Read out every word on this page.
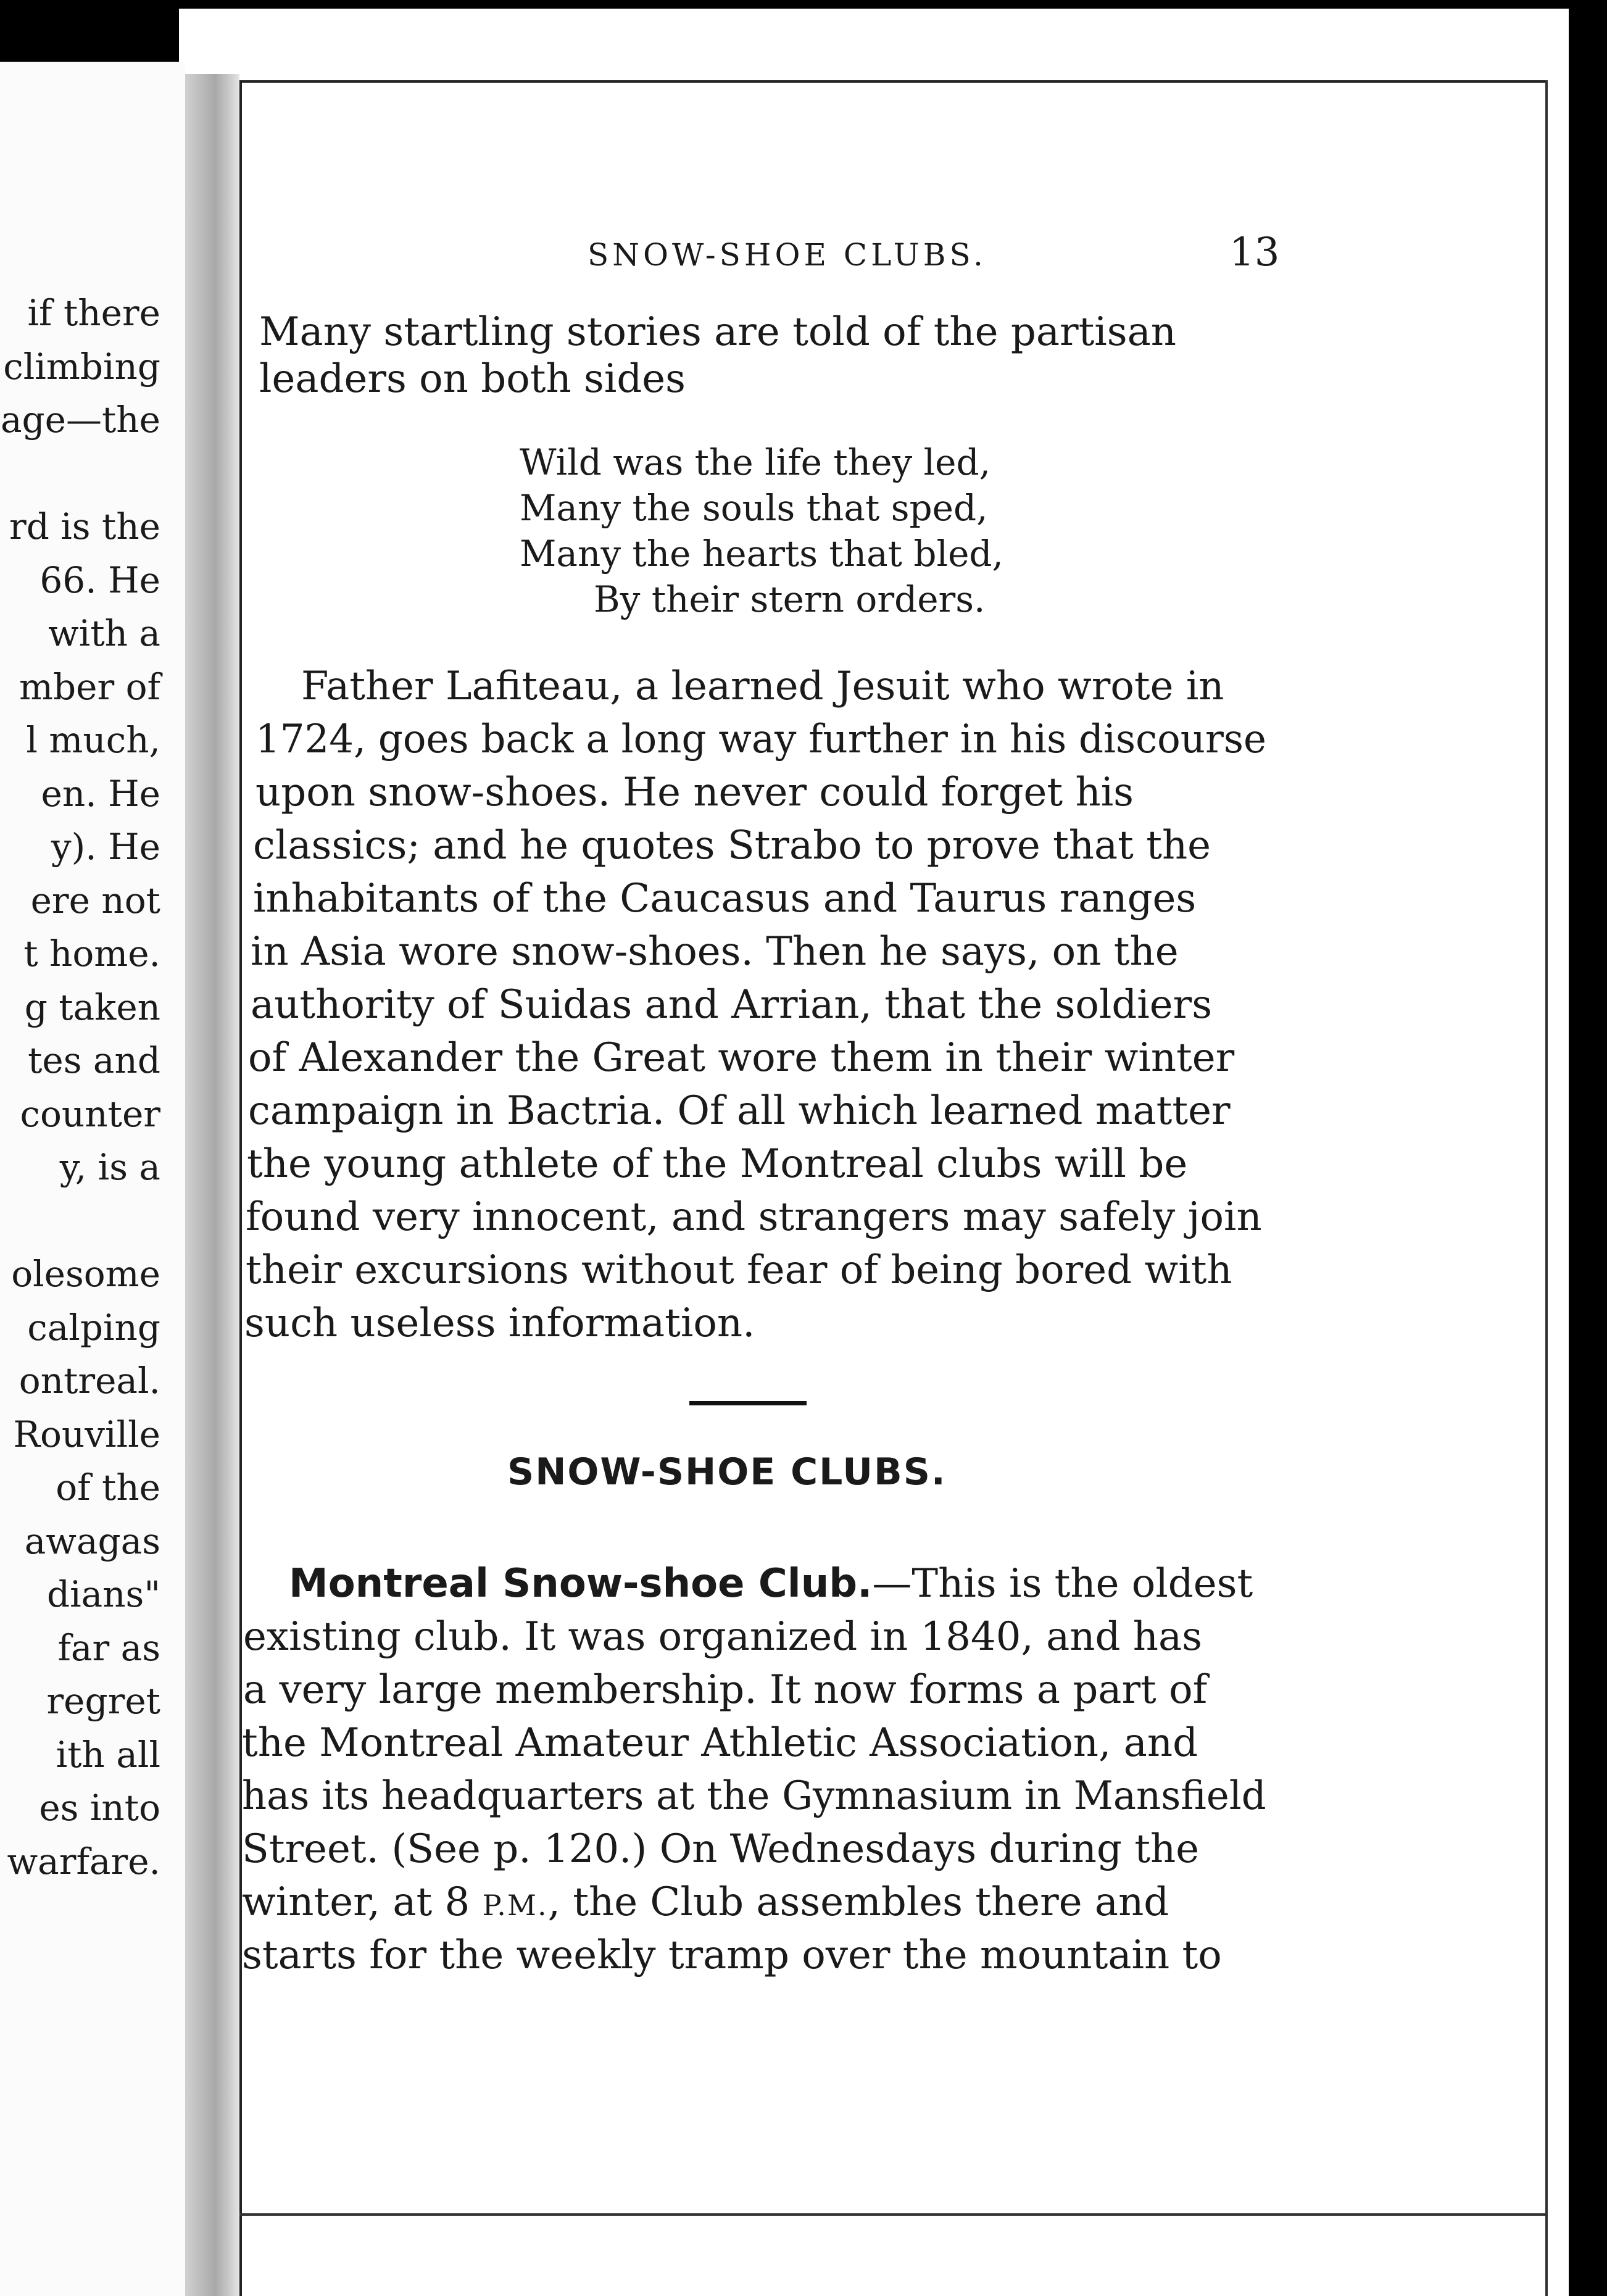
if there
climbing
age—the
rd is the
66. He
with a
mber of
l much,
en. He
y). He
ere not
t home.
g taken
tes and
counter
y, is a
olesome
calping
ontreal.
Rouville
of the
awagas
dians"
far as
regret
ith all
es into
warfare.
SNOW-SHOE CLUBS.	13
Many startling stories are told of the partisan
leaders on both sides
Wild was the life they led,
Many the souls that sped,
Many the hearts that bled,
By their stern orders.
Father Lafiteau, a learned Jesuit who wrote in
1724, goes back a long way further in his discourse
upon snow-shoes. He never could forget his
classics; and he quotes Strabo to prove that the
inhabitants of the Caucasus and Taurus ranges
in Asia wore snow-shoes. Then he says, on the
authority of Suidas and Arrian, that the soldiers
of Alexander the Great wore them in their winter
campaign in Bactria. Of all which learned matter
the young athlete of the Montreal clubs will be
found very innocent, and strangers may safely join
their excursions without fear of being bored with
such useless information.
SNOW-SHOE CLUBS.
Montreal Snow-shoe Club.—This is the oldest
existing club. It was organized in 1840, and has
a very large membership. It now forms a part of
the Montreal Amateur Athletic Association, and
has its headquarters at the Gymnasium in Mansfield
Street. (See p. 120.) On Wednesdays during the
winter, at 8 P.M., the Club assembles there and
starts for the weekly tramp over the mountain to
